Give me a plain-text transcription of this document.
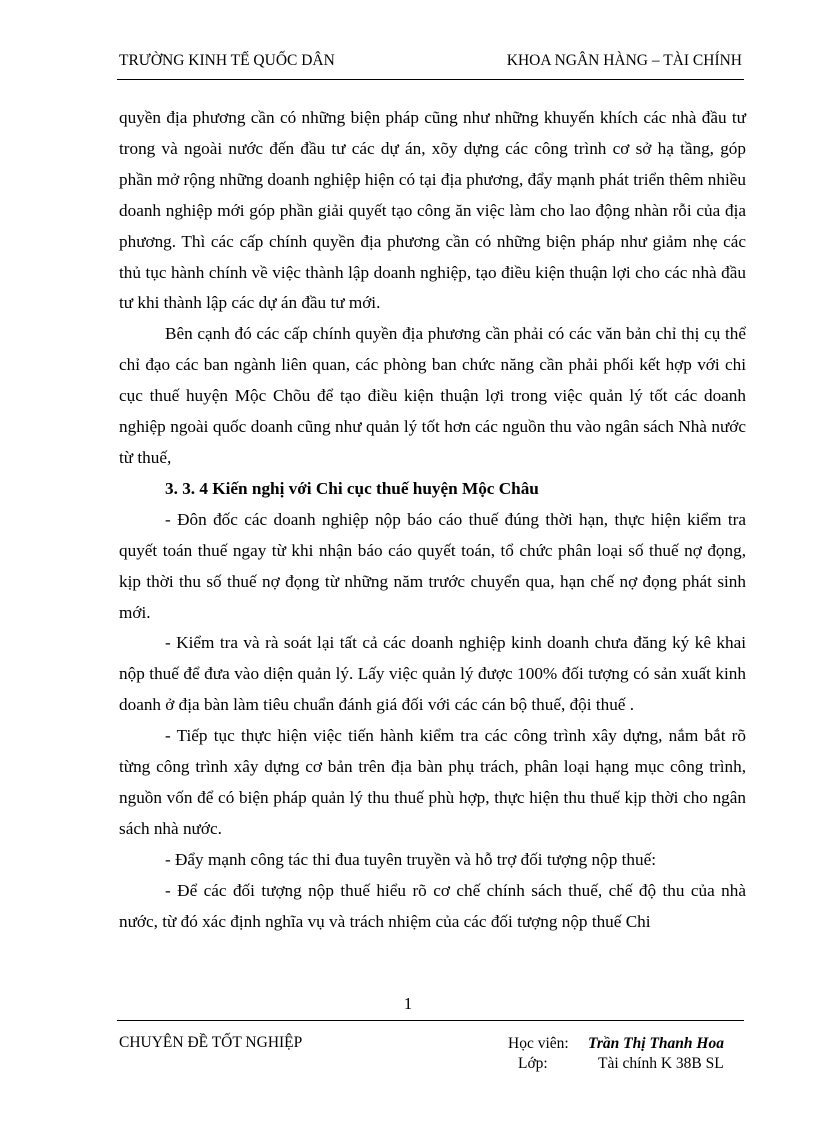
TRƯỜNG KINH TẾ QUỐC DÂN	KHOA NGÂN HÀNG – TÀI CHÍNH

quyền địa phương cần có những biện pháp cũng như những khuyến khích các nhà đầu tư trong và ngoài nước đến đầu tư các dự án, xõy dựng các công trình cơ sở hạ tầng, góp phần mở rộng những doanh nghiệp hiện có tại địa phương, đẩy mạnh phát triển thêm nhiều doanh nghiệp mới góp phần giải quyết tạo công ăn việc làm cho lao động nhàn rỗi của địa phương. Thì các cấp chính quyền địa phương cần có những biện pháp như giảm nhẹ các thủ tục hành chính về việc thành lập doanh nghiệp, tạo điều kiện thuận lợi cho các nhà đầu tư khi thành lập các dự án đầu tư mới.

Bên cạnh đó các cấp chính quyền địa phương cần phải có các văn bản chỉ thị cụ thể chỉ đạo các ban ngành liên quan, các phòng ban chức năng cần phải phối kết hợp với chi cục thuế huyện Mộc Chõu để tạo điều kiện thuận lợi trong việc quản lý tốt các doanh nghiệp ngoài quốc doanh cũng như quản lý tốt hơn các nguồn thu vào ngân sách Nhà nước từ thuế,

3. 3. 4 Kiến nghị với Chi cục thuế huyện Mộc Châu

- Đôn đốc các doanh nghiệp nộp báo cáo thuế đúng thời hạn, thực hiện kiểm tra quyết toán thuế ngay từ khi nhận báo cáo quyết toán, tổ chức phân loại số thuế nợ đọng, kịp thời thu số thuế nợ đọng từ những năm trước chuyển qua, hạn chế nợ đọng phát sinh mới.

- Kiểm tra và rà soát lại tất cả các doanh nghiệp kinh doanh chưa đăng ký kê khai nộp thuế để đưa vào diện quản lý. Lấy việc quản lý được 100% đối tượng có sản xuất kinh doanh ở địa bàn làm tiêu chuẩn đánh giá đối với các cán bộ thuế, đội thuế .

- Tiếp tục thực hiện việc tiến hành kiểm tra các công trình xây dựng, nắm bắt rõ từng công trình xây dựng cơ bản trên địa bàn phụ trách, phân loại hạng mục công trình, nguồn vốn để có biện pháp quản lý thu thuế phù hợp, thực hiện thu thuế kịp thời cho ngân sách nhà nước.

- Đẩy mạnh công tác thi đua tuyên truyền và hỗ trợ đối tượng nộp thuế:

- Để các đối tượng nộp thuế hiểu rõ cơ chế chính sách thuế, chế độ thu của nhà nước, từ đó xác định nghĩa vụ và trách nhiệm của các đối tượng nộp thuế Chi

1
CHUYÊN ĐỀ TỐT NGHIỆP	Học viên:	Trần Thị Thanh Hoa
Lớp:	Tài chính K 38B SL
